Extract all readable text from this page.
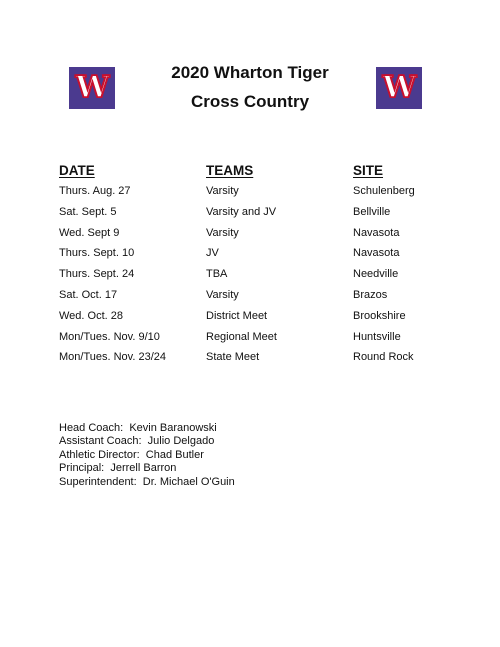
W	W
2020 Wharton Tiger
Cross Country
DATE	TEAMS	SITE
Thurs. Aug. 27	Varsity	Schulenberg
Sat. Sept. 5	Varsity and JV	Bellville
Wed. Sept 9	Varsity	Navasota
Thurs. Sept. 10	JV	Navasota
Thurs. Sept. 24	TBA	Needville
Sat. Oct. 17	Varsity	Brazos
Wed. Oct. 28	District Meet	Brookshire
Mon/Tues. Nov. 9/10	Regional Meet	Huntsville
Mon/Tues. Nov. 23/24	State Meet	Round Rock
Head Coach:  Kevin Baranowski
Assistant Coach:  Julio Delgado
Athletic Director:  Chad Butler
Principal:  Jerrell Barron
Superintendent:  Dr. Michael O'Guin
